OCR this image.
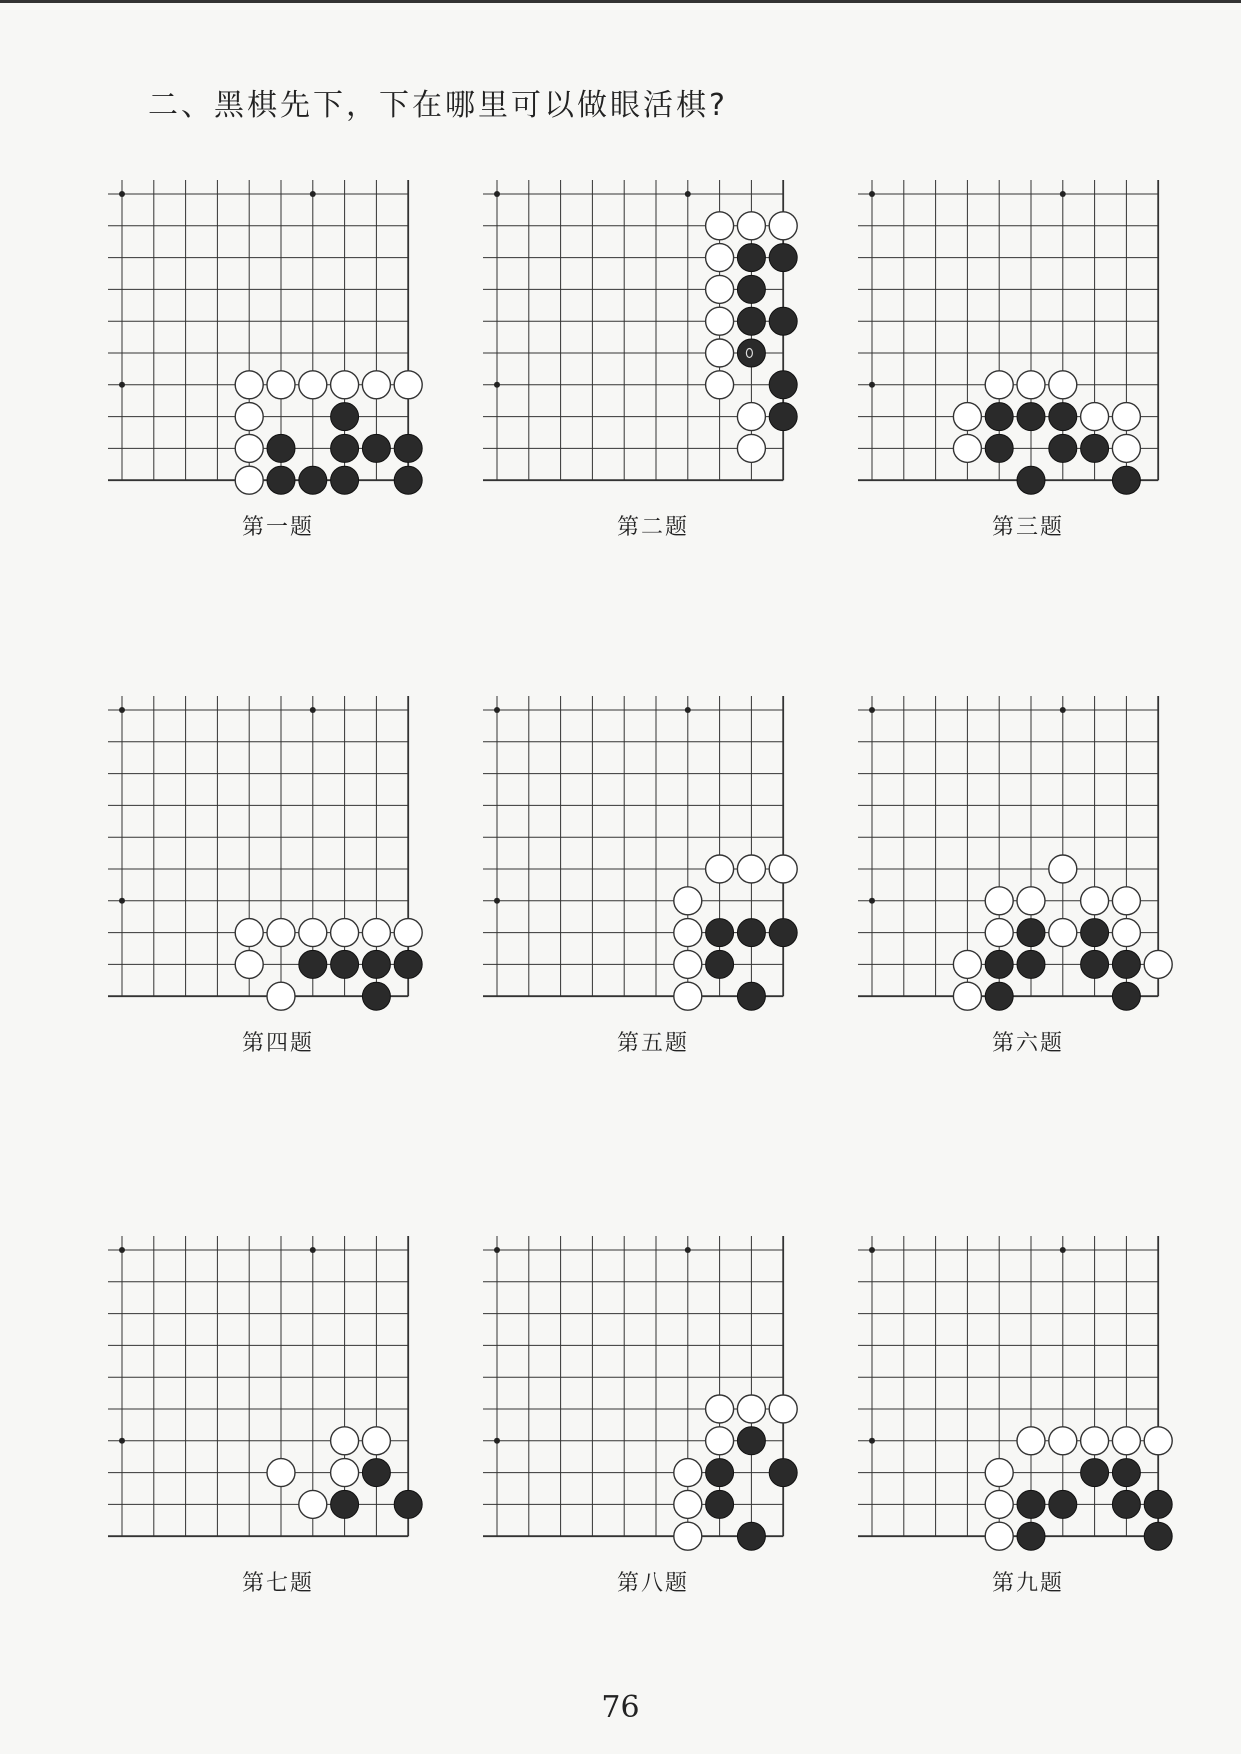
二、黑棋先下，下在哪里可以做眼活棋?
第一题	第二题	第三题
第四题	第五题	第六题
第七题	第八题	第九题
76
